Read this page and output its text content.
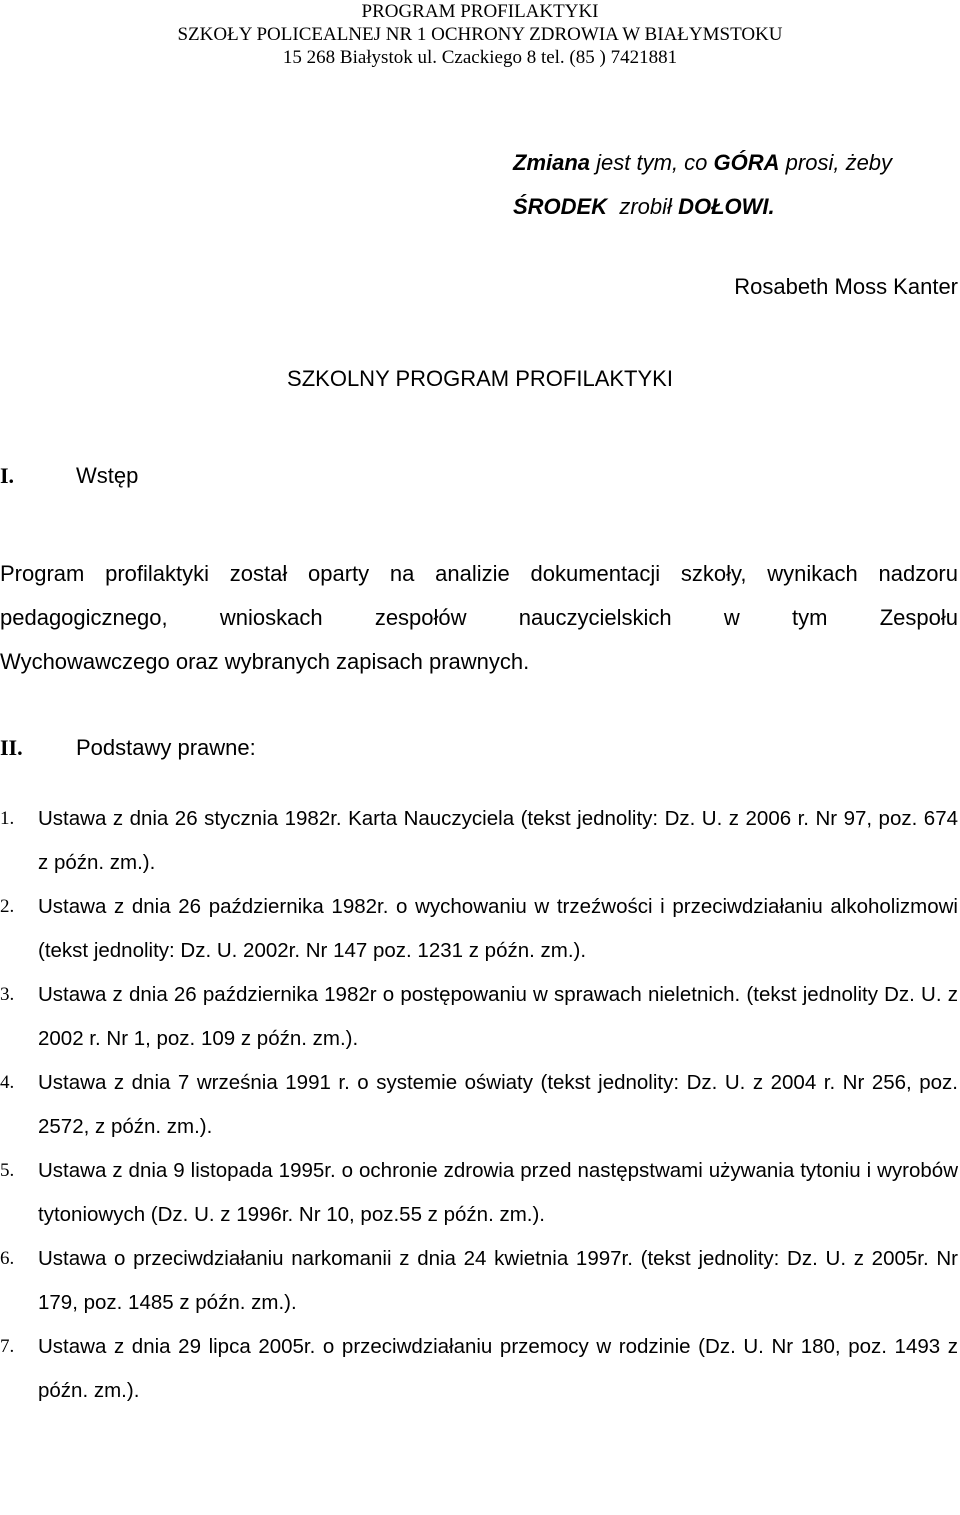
PROGRAM PROFILAKTYKI
SZKOŁY POLICEALNEJ NR 1 OCHRONY ZDROWIA W BIAŁYMSTOKU
15 268 Białystok ul. Czackiego 8 tel. (85 ) 7421881
Zmiana jest tym, co GÓRA prosi, żeby
ŚRODEK zrobił DOŁOWI.
Rosabeth Moss Kanter
SZKOLNY PROGRAM PROFILAKTYKI
I.	Wstęp
Program profilaktyki został oparty na analizie dokumentacji szkoły, wynikach nadzoru
pedagogicznego, wnioskach zespołów nauczycielskich w tym Zespołu
Wychowawczego oraz wybranych zapisach prawnych.
II. Podstawy prawne:
1. Ustawa z dnia 26 stycznia 1982r. Karta Nauczyciela (tekst jednolity: Dz. U. z 2006 r. Nr 97, poz. 674 z późn. zm.).
2. Ustawa z dnia 26 października 1982r. o wychowaniu w trzeźwości i przeciwdziałaniu alkoholizmowi (tekst jednolity: Dz. U. 2002r. Nr 147 poz. 1231 z późn. zm.).
3. Ustawa z dnia 26 października 1982r o postępowaniu w sprawach nieletnich. (tekst jednolity Dz. U. z 2002 r. Nr 1, poz. 109 z późn. zm.).
4. Ustawa z dnia 7 września 1991 r. o systemie oświaty (tekst jednolity: Dz. U. z 2004 r. Nr 256, poz. 2572, z późn. zm.).
5. Ustawa z dnia 9 listopada 1995r. o ochronie zdrowia przed następstwami używania tytoniu i wyrobów tytoniowych (Dz. U. z 1996r. Nr 10, poz.55 z późn. zm.).
6. Ustawa o przeciwdziałaniu narkomanii z dnia 24 kwietnia 1997r. (tekst jednolity: Dz. U. z 2005r. Nr 179, poz. 1485 z późn. zm.).
7. Ustawa z dnia 29 lipca 2005r. o przeciwdziałaniu przemocy w rodzinie (Dz. U. Nr 180, poz. 1493 z późn. zm.).
